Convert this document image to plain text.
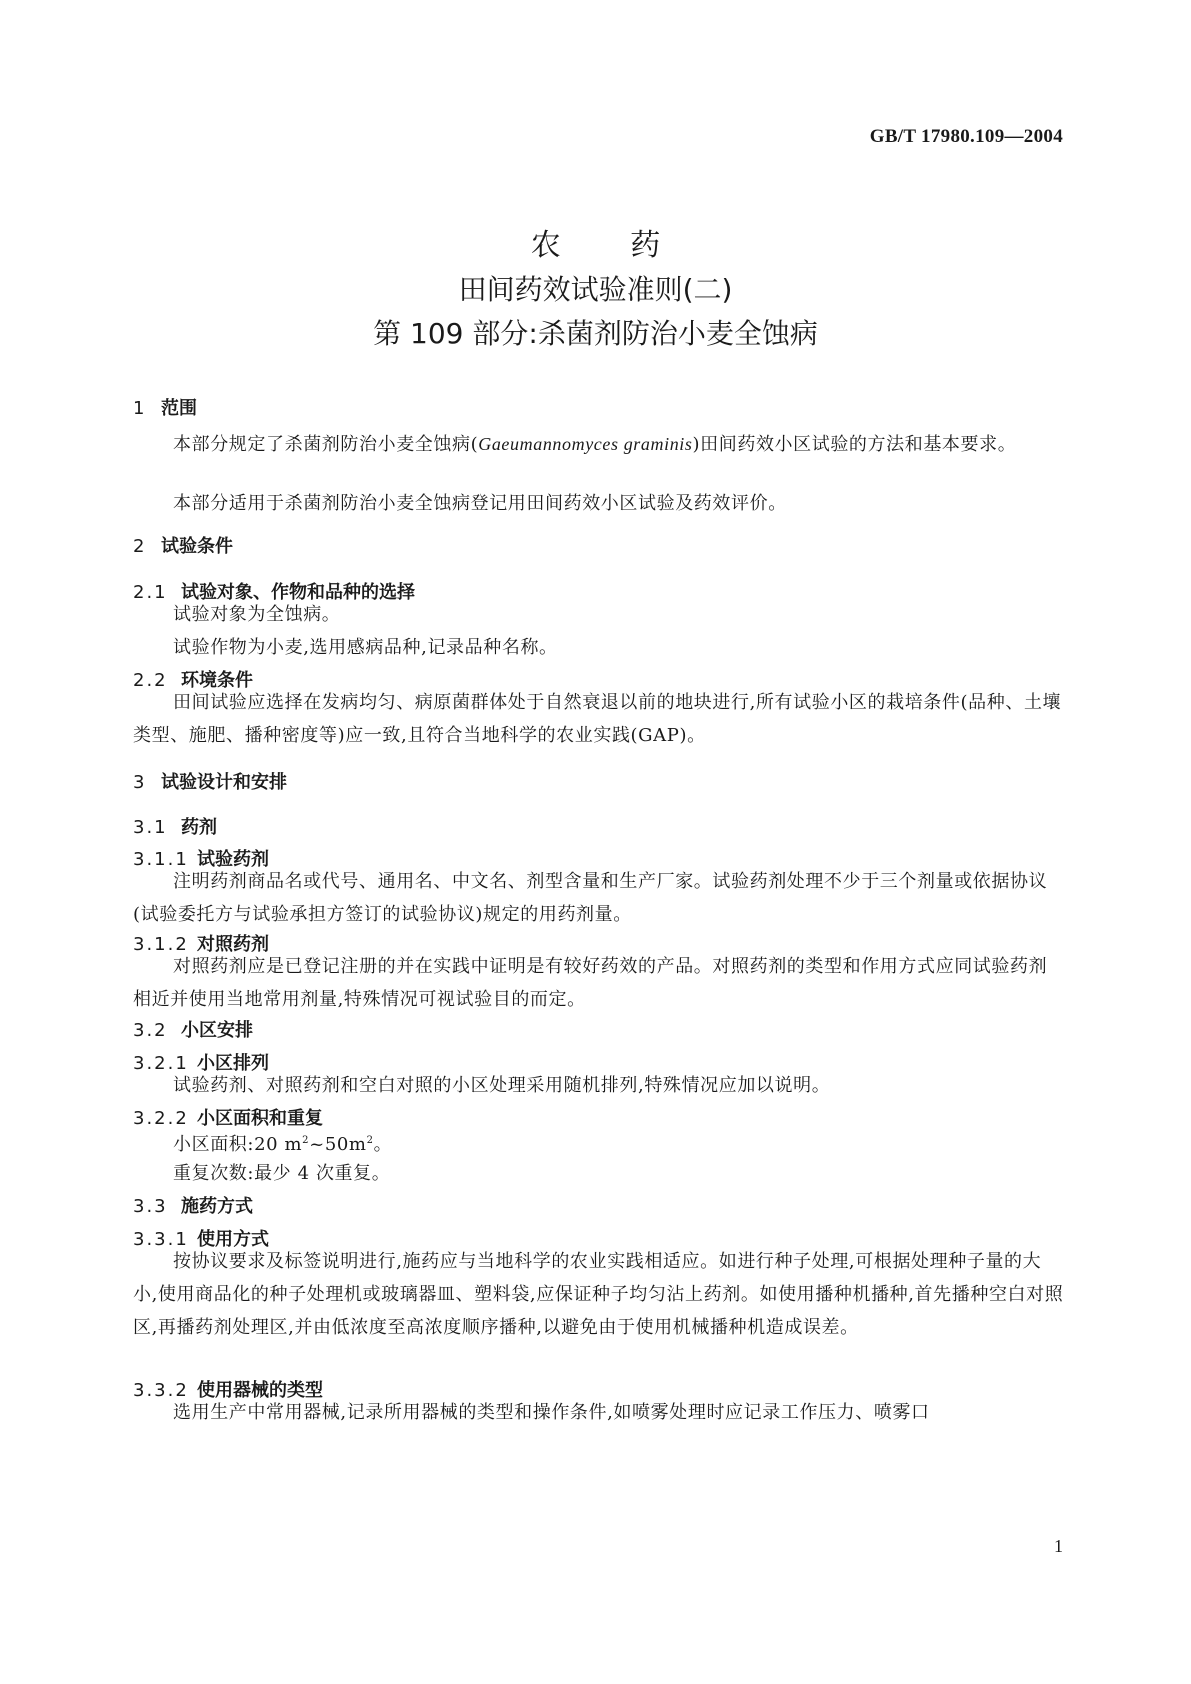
GB/T 17980.109—2004
农 药
田间药效试验准则(二)
第 109 部分:杀菌剂防治小麦全蚀病
1 范围
本部分规定了杀菌剂防治小麦全蚀病(Gaeumannomyces graminis)田间药效小区试验的方法和基本要求。
本部分适用于杀菌剂防治小麦全蚀病登记用田间药效小区试验及药效评价。
2 试验条件
2.1 试验对象、作物和品种的选择
试验对象为全蚀病。
试验作物为小麦,选用感病品种,记录品种名称。
2.2 环境条件
田间试验应选择在发病均匀、病原菌群体处于自然衰退以前的地块进行,所有试验小区的栽培条件(品种、土壤类型、施肥、播种密度等)应一致,且符合当地科学的农业实践(GAP)。
3 试验设计和安排
3.1 药剂
3.1.1 试验药剂
注明药剂商品名或代号、通用名、中文名、剂型含量和生产厂家。试验药剂处理不少于三个剂量或依据协议(试验委托方与试验承担方签订的试验协议)规定的用药剂量。
3.1.2 对照药剂
对照药剂应是已登记注册的并在实践中证明是有较好药效的产品。对照药剂的类型和作用方式应同试验药剂相近并使用当地常用剂量,特殊情况可视试验目的而定。
3.2 小区安排
3.2.1 小区排列
试验药剂、对照药剂和空白对照的小区处理采用随机排列,特殊情况应加以说明。
3.2.2 小区面积和重复
小区面积:20 $m^2\sim 50m^2$。
重复次数:最少 4 次重复。
3.3 施药方式
3.3.1 使用方式
按协议要求及标签说明进行,施药应与当地科学的农业实践相适应。如进行种子处理,可根据处理种子量的大小,使用商品化的种子处理机或玻璃器皿、塑料袋,应保证种子均匀沾上药剂。如使用播种机播种,首先播种空白对照区,再播药剂处理区,并由低浓度至高浓度顺序播种,以避免由于使用机械播种机造成误差。
3.3.2 使用器械的类型
选用生产中常用器械,记录所用器械的类型和操作条件,如喷雾处理时应记录工作压力、喷雾口
1
